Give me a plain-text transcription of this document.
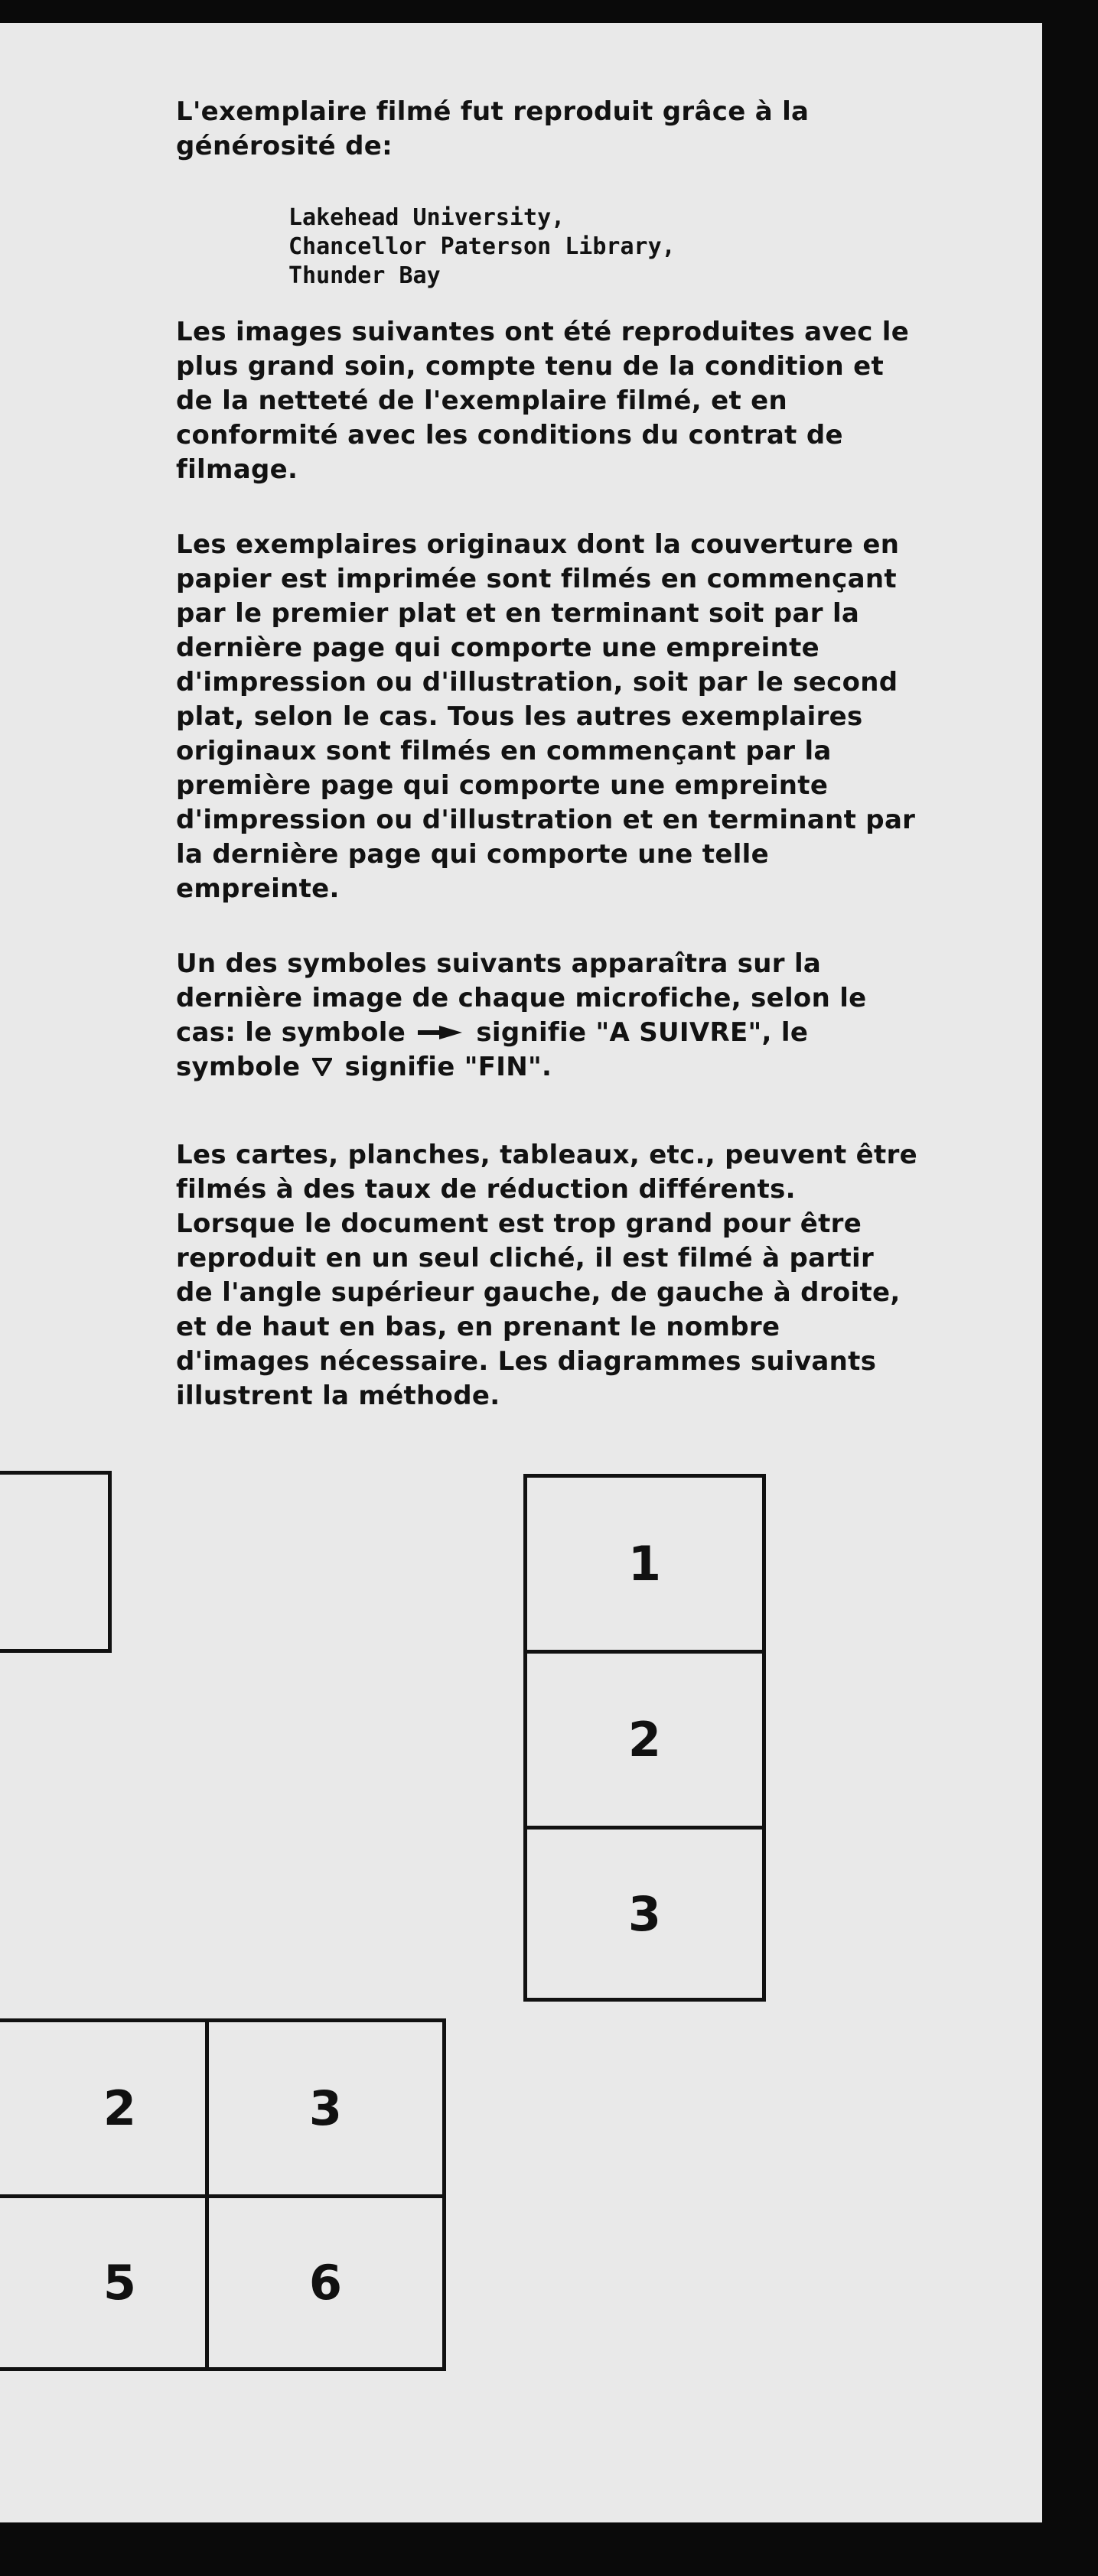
L'exemplaire filmé fut reproduit grâce à la
générosité de:

Lakehead University,
Chancellor Paterson Library,
Thunder Bay

Les images suivantes ont été reproduites avec le
plus grand soin, compte tenu de la condition et
de la netteté de l'exemplaire filmé, et en
conformité avec les conditions du contrat de
filmage.

Les exemplaires originaux dont la couverture en
papier est imprimée sont filmés en commençant
par le premier plat et en terminant soit par la
dernière page qui comporte une empreinte
d'impression ou d'illustration, soit par le second
plat, selon le cas. Tous les autres exemplaires
originaux sont filmés en commençant par la
première page qui comporte une empreinte
d'impression ou d'illustration et en terminant par
la dernière page qui comporte une telle
empreinte.

Un des symboles suivants apparaîtra sur la
dernière image de chaque microfiche, selon le
cas: le symbole	signifie "A SUIVRE", le
symbole signifie "FIN".

Les cartes, planches, tableaux, etc., peuvent être
filmés à des taux de réduction différents.
Lorsque le document est trop grand pour être
reproduit en un seul cliché, il est filmé à partir
de l'angle supérieur gauche, de gauche à droite,
et de haut en bas, en prenant le nombre
d'images nécessaire. Les diagrammes suivants
illustrent la méthode.

1
2
3
2	3
5	6
